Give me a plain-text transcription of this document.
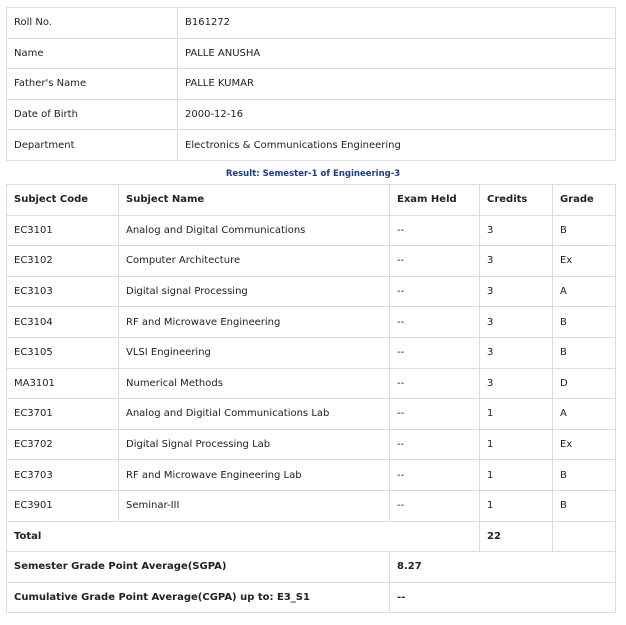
Roll No.	B161272
Name	PALLE ANUSHA
Father's Name	PALLE KUMAR
Date of Birth	2000-12-16
Department	Electronics & Communications Engineering
Result: Semester-1 of Engineering-3
Subject Code	Subject Name	Exam Held	Credits	Grade
EC3101	Analog and Digital Communications	--	3	B
EC3102	Computer Architecture	--	3	Ex
EC3103	Digital signal Processing	--	3	A
EC3104	RF and Microwave Engineering	--	3	B
EC3105	VLSI Engineering	--	3	B
MA3101	Numerical Methods	--	3	D
EC3701	Analog and Digitial Communications Lab	--	1	A
EC3702	Digital Signal Processing Lab	--	1	Ex
EC3703	RF and Microwave Engineering Lab	--	1	B
EC3901	Seminar-III	--	1	B
Total			22	
Semester Grade Point Average(SGPA)		8.27		
Cumulative Grade Point Average(CGPA) up to: E3_S1		--		
